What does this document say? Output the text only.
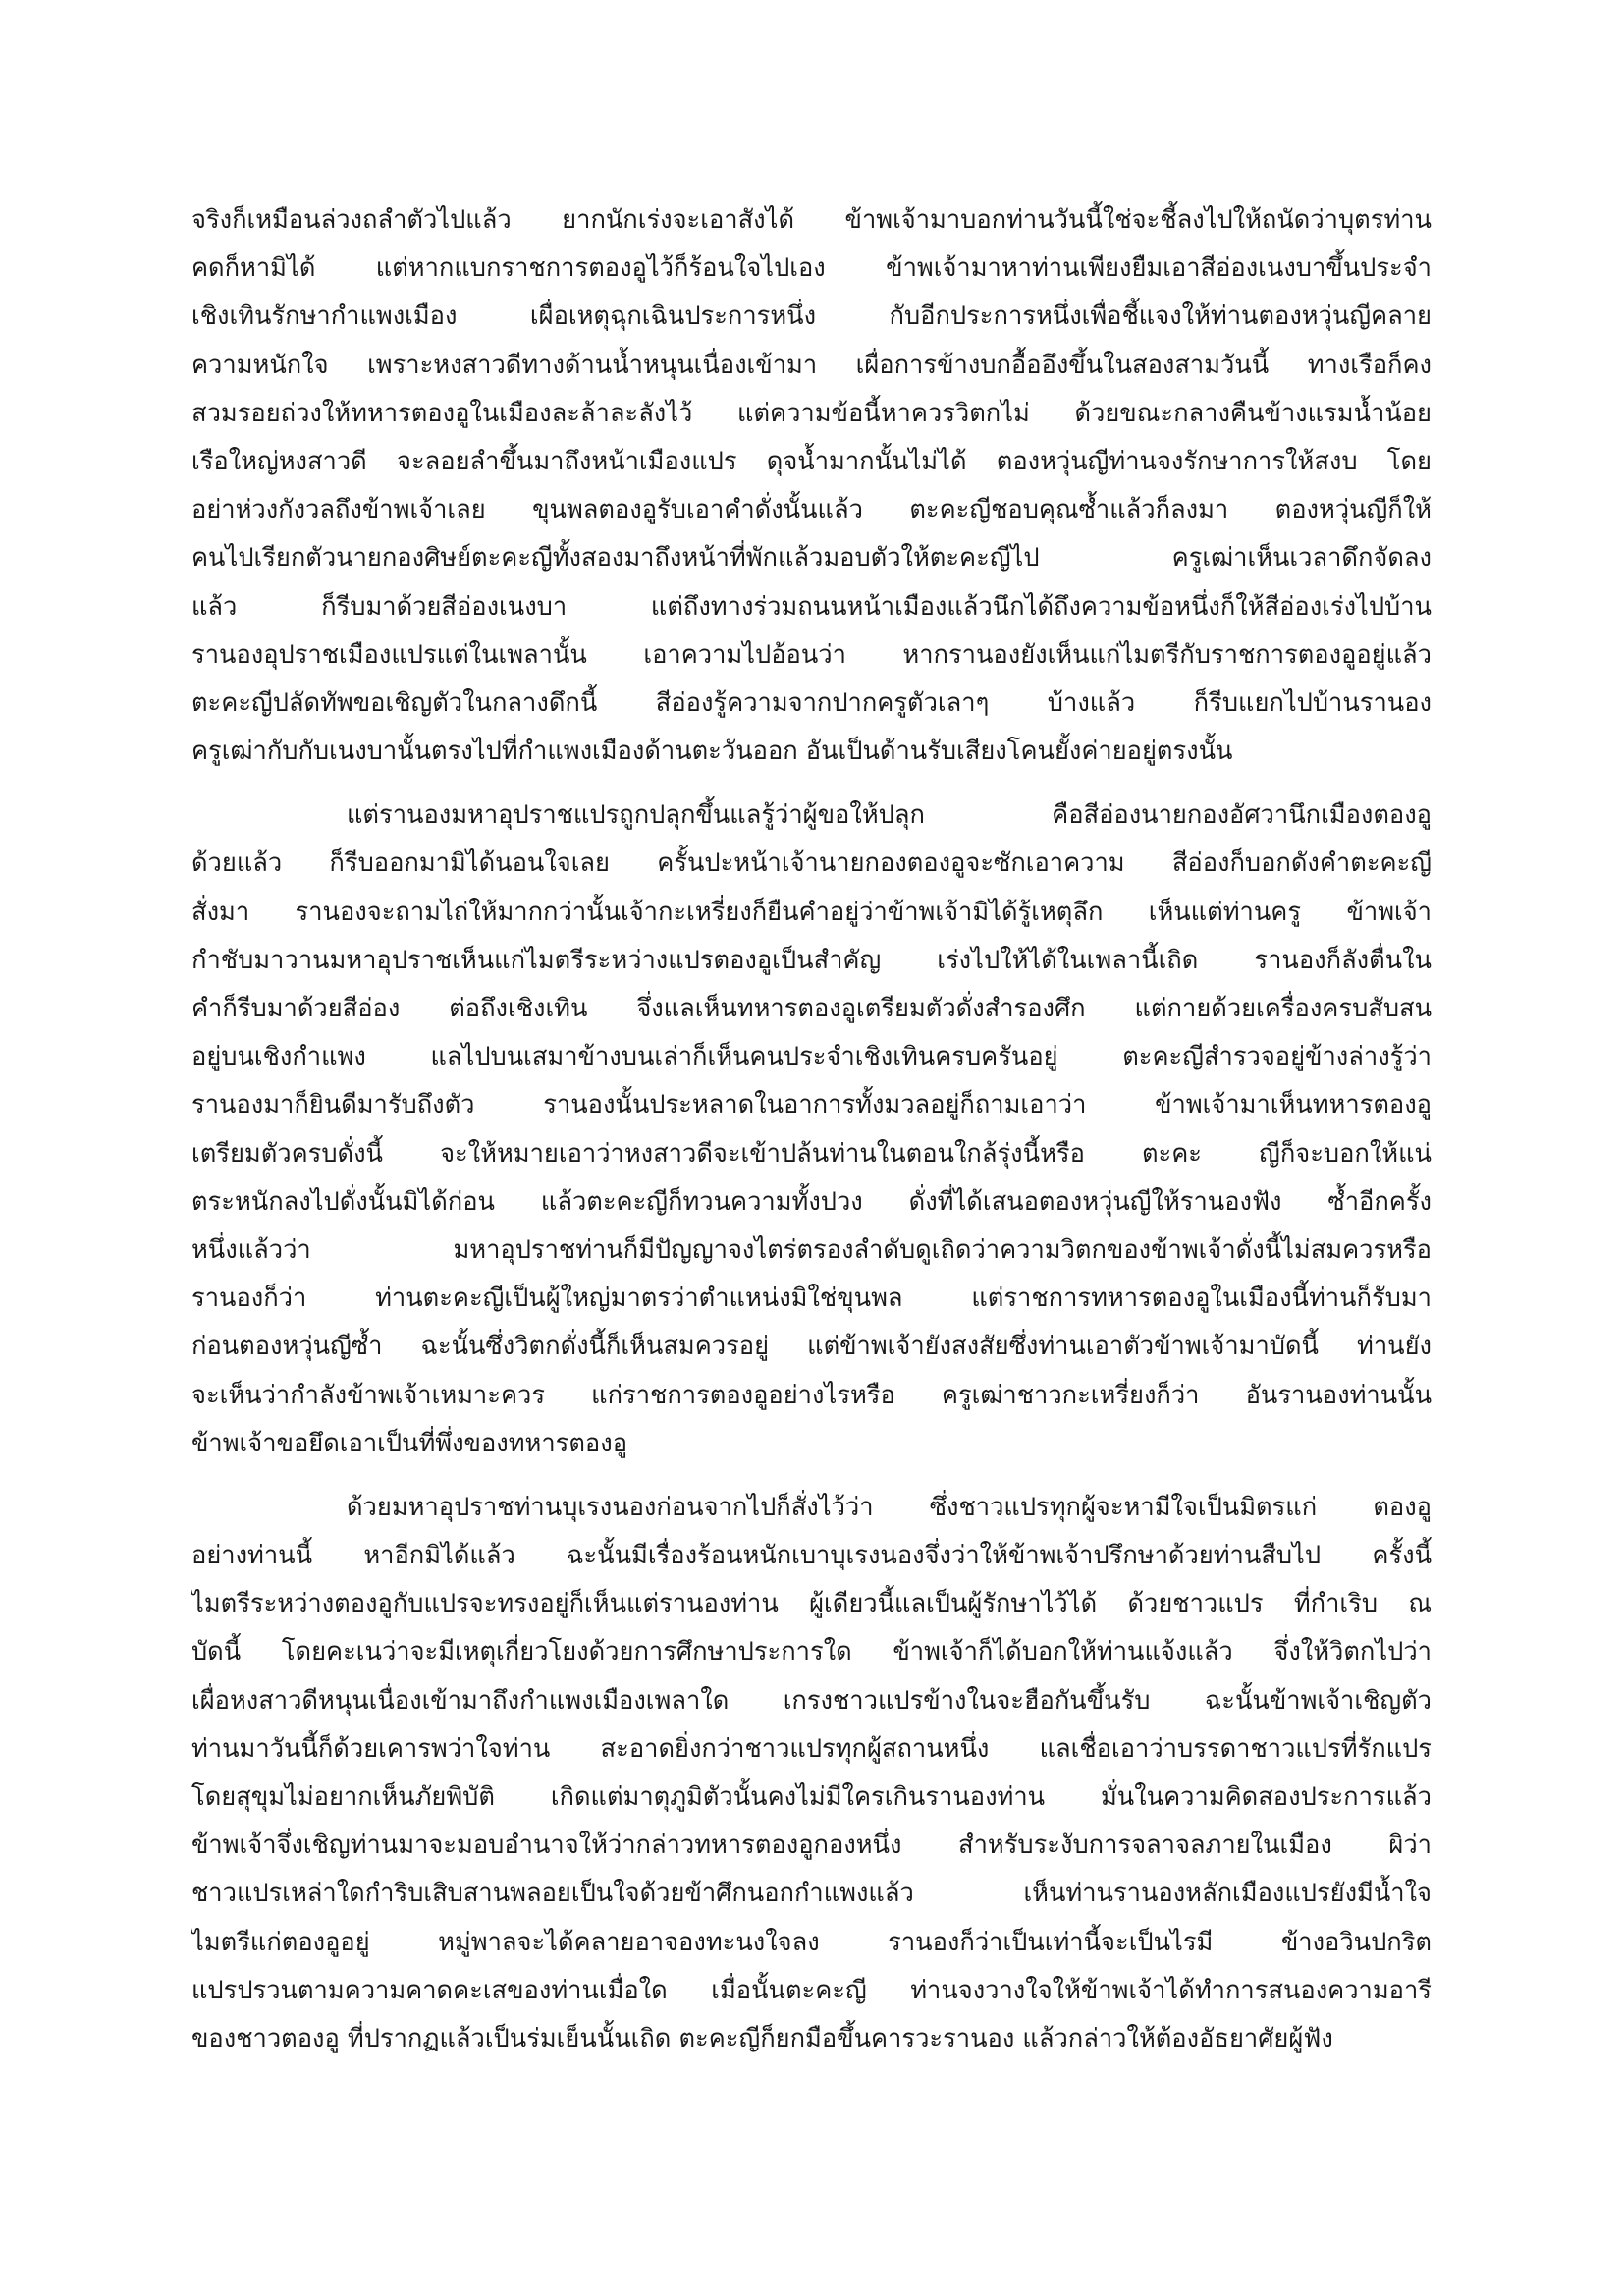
จริงก็เหมือนล่วงถลำตัวไปแล้ว ยากนักเร่งจะเอาสังได้ ข้าพเจ้ามาบอกท่านวันนี้ใช่จะชี้ลงไปให้ถนัดว่าบุตรท่าน
คดก็หามิได้ แต่หากแบกราชการตองอูไว้ก็ร้อนใจไปเอง ข้าพเจ้ามาหาท่านเพียงยืมเอาสีอ่องเนงบาขึ้นประจำ
เชิงเทินรักษากำแพงเมือง เผื่อเหตุฉุกเฉินประการหนึ่ง กับอีกประการหนึ่งเพื่อชี้แจงให้ท่านตองหวุ่นญีคลาย
ความหนักใจ เพราะหงสาวดีทางด้านน้ำหนุนเนื่องเข้ามา เผื่อการข้างบกอื้ออึงขึ้นในสองสามวันนี้ ทางเรือก็คง
สวมรอยถ่วงให้ทหารตองอูในเมืองละล้าละลังไว้ แต่ความข้อนี้หาควรวิตกไม่ ด้วยขณะกลางคืนข้างแรมน้ำน้อย
เรือใหญ่หงสาวดี จะลอยลำขึ้นมาถึงหน้าเมืองแปร ดุจน้ำมากนั้นไม่ได้ ตองหวุ่นญีท่านจงรักษาการให้สงบ โดย
อย่าห่วงกังวลถึงข้าพเจ้าเลย ขุนพลตองอูรับเอาคำดั่งนั้นแล้ว ตะคะญีชอบคุณซ้ำแล้วก็ลงมา ตองหวุ่นญีก็ให้
คนไปเรียกตัวนายกองศิษย์ตะคะญีทั้งสองมาถึงหน้าที่พักแล้วมอบตัวให้ตะคะญีไป ครูเฒ่าเห็นเวลาดึกจัดลง
แล้ว ก็รีบมาด้วยสีอ่องเนงบา แต่ถึงทางร่วมถนนหน้าเมืองแล้วนึกได้ถึงความข้อหนึ่งก็ให้สีอ่องเร่งไปบ้าน
รานองอุปราชเมืองแปรแต่ในเพลานั้น เอาความไปอ้อนว่า หากรานองยังเห็นแก่ไมตรีกับราชการตองอูอยู่แล้ว
ตะคะญีปลัดทัพขอเชิญตัวในกลางดึกนี้ สีอ่องรู้ความจากปากครูตัวเลาๆ บ้างแล้ว ก็รีบแยกไปบ้านรานอง
ครูเฒ่ากับกับเนงบานั้นตรงไปที่กำแพงเมืองด้านตะวันออก อันเป็นด้านรับเสียงโคนยั้งค่ายอยู่ตรงนั้น
แต่รานองมหาอุปราชแปรถูกปลุกขึ้นแลรู้ว่าผู้ขอให้ปลุก คือสีอ่องนายกองอัศวานึกเมืองตองอู
ด้วยแล้ว ก็รีบออกมามิได้นอนใจเลย ครั้นปะหน้าเจ้านายกองตองอูจะซักเอาความ สีอ่องก็บอกดังคำตะคะญี
สั่งมา รานองจะถามไถ่ให้มากกว่านั้นเจ้ากะเหรี่ยงก็ยืนคำอยู่ว่าข้าพเจ้ามิได้รู้เหตุลึก เห็นแต่ท่านครู ข้าพเจ้า
กำชับมาวานมหาอุปราชเห็นแก่ไมตรีระหว่างแปรตองอูเป็นสำคัญ เร่งไปให้ได้ในเพลานี้เถิด รานองก็ลังตื่นใน
คำก็รีบมาด้วยสีอ่อง ต่อถึงเชิงเทิน จึ่งแลเห็นทหารตองอูเตรียมตัวดั่งสำรองศึก แต่กายด้วยเครื่องครบสับสน
อยู่บนเชิงกำแพง แลไปบนเสมาข้างบนเล่าก็เห็นคนประจำเชิงเทินครบครันอยู่ ตะคะญีสำรวจอยู่ข้างล่างรู้ว่า
รานองมาก็ยินดีมารับถึงตัว รานองนั้นประหลาดในอาการทั้งมวลอยู่ก็ถามเอาว่า ข้าพเจ้ามาเห็นทหารตองอู
เตรียมตัวครบดั่งนี้ จะให้หมายเอาว่าหงสาวดีจะเข้าปล้นท่านในตอนใกล้รุ่งนี้หรือ ตะคะ ญีก็จะบอกให้แน่
ตระหนักลงไปดั่งนั้นมิได้ก่อน แล้วตะคะญีก็ทวนความทั้งปวง ดั่งที่ได้เสนอตองหวุ่นญีให้รานองฟัง ซ้ำอีกครั้ง
หนึ่งแล้วว่า มหาอุปราชท่านก็มีปัญญาจงไตร่ตรองลำดับดูเถิดว่าความวิตกของข้าพเจ้าดั่งนี้ไม่สมควรหรือ
รานองก็ว่า ท่านตะคะญีเป็นผู้ใหญ่มาตรว่าตำแหน่งมิใช่ขุนพล แต่ราชการทหารตองอูในเมืองนี้ท่านก็รับมา
ก่อนตองหวุ่นญีซ้ำ ฉะนั้นซึ่งวิตกดั่งนี้ก็เห็นสมควรอยู่ แต่ข้าพเจ้ายังสงสัยซึ่งท่านเอาตัวข้าพเจ้ามาบัดนี้ ท่านยัง
จะเห็นว่ากำลังข้าพเจ้าเหมาะควร แก่ราชการตองอูอย่างไรหรือ ครูเฒ่าชาวกะเหรี่ยงก็ว่า อันรานองท่านนั้น
ข้าพเจ้าขอยึดเอาเป็นที่พึ่งของทหารตองอู
ด้วยมหาอุปราชท่านบุเรงนองก่อนจากไปก็สั่งไว้ว่า ซึ่งชาวแปรทุกผู้จะหามีใจเป็นมิตรแก่ ตองอู
อย่างท่านนี้ หาอีกมิได้แล้ว ฉะนั้นมีเรื่องร้อนหนักเบาบุเรงนองจึ่งว่าให้ข้าพเจ้าปรึกษาด้วยท่านสืบไป ครั้งนี้
ไมตรีระหว่างตองอูกับแปรจะทรงอยู่ก็เห็นแต่รานองท่าน ผู้เดียวนี้แลเป็นผู้รักษาไว้ได้ ด้วยชาวแปร ที่กำเริบ ณ
บัดนี้ โดยคะเนว่าจะมีเหตุเกี่ยวโยงด้วยการศึกษาประการใด ข้าพเจ้าก็ได้บอกให้ท่านแจ้งแล้ว จึ่งให้วิตกไปว่า
เผื่อหงสาวดีหนุนเนื่องเข้ามาถึงกำแพงเมืองเพลาใด เกรงชาวแปรข้างในจะฮือกันขึ้นรับ ฉะนั้นข้าพเจ้าเชิญตัว
ท่านมาวันนี้ก็ด้วยเคารพว่าใจท่าน สะอาดยิ่งกว่าชาวแปรทุกผู้สถานหนึ่ง แลเชื่อเอาว่าบรรดาชาวแปรที่รักแปร
โดยสุขุมไม่อยากเห็นภัยพิบัติ เกิดแต่มาตุภูมิตัวนั้นคงไม่มีใครเกินรานองท่าน มั่นในความคิดสองประการแล้ว
ข้าพเจ้าจึ่งเชิญท่านมาจะมอบอำนาจให้ว่ากล่าวทหารตองอูกองหนึ่ง สำหรับระงับการจลาจลภายในเมือง ผิว่า
ชาวแปรเหล่าใดกำริบเสิบสานพลอยเป็นใจด้วยข้าศึกนอกกำแพงแล้ว เห็นท่านรานองหลักเมืองแปรยังมีน้ำใจ
ไมตรีแก่ตองอูอยู่ หมู่พาลจะได้คลายอาจองทะนงใจลง รานองก็ว่าเป็นเท่านี้จะเป็นไรมี ข้างอวินปกริต
แปรปรวนตามความคาดคะเสของท่านเมื่อใด เมื่อนั้นตะคะญี ท่านจงวางใจให้ข้าพเจ้าได้ทำการสนองความอารี
ของชาวตองอู ที่ปรากฏแล้วเป็นร่มเย็นนั้นเถิด ตะคะญีก็ยกมือขึ้นคารวะรานอง แล้วกล่าวให้ต้องอัธยาศัยผู้ฟัง
